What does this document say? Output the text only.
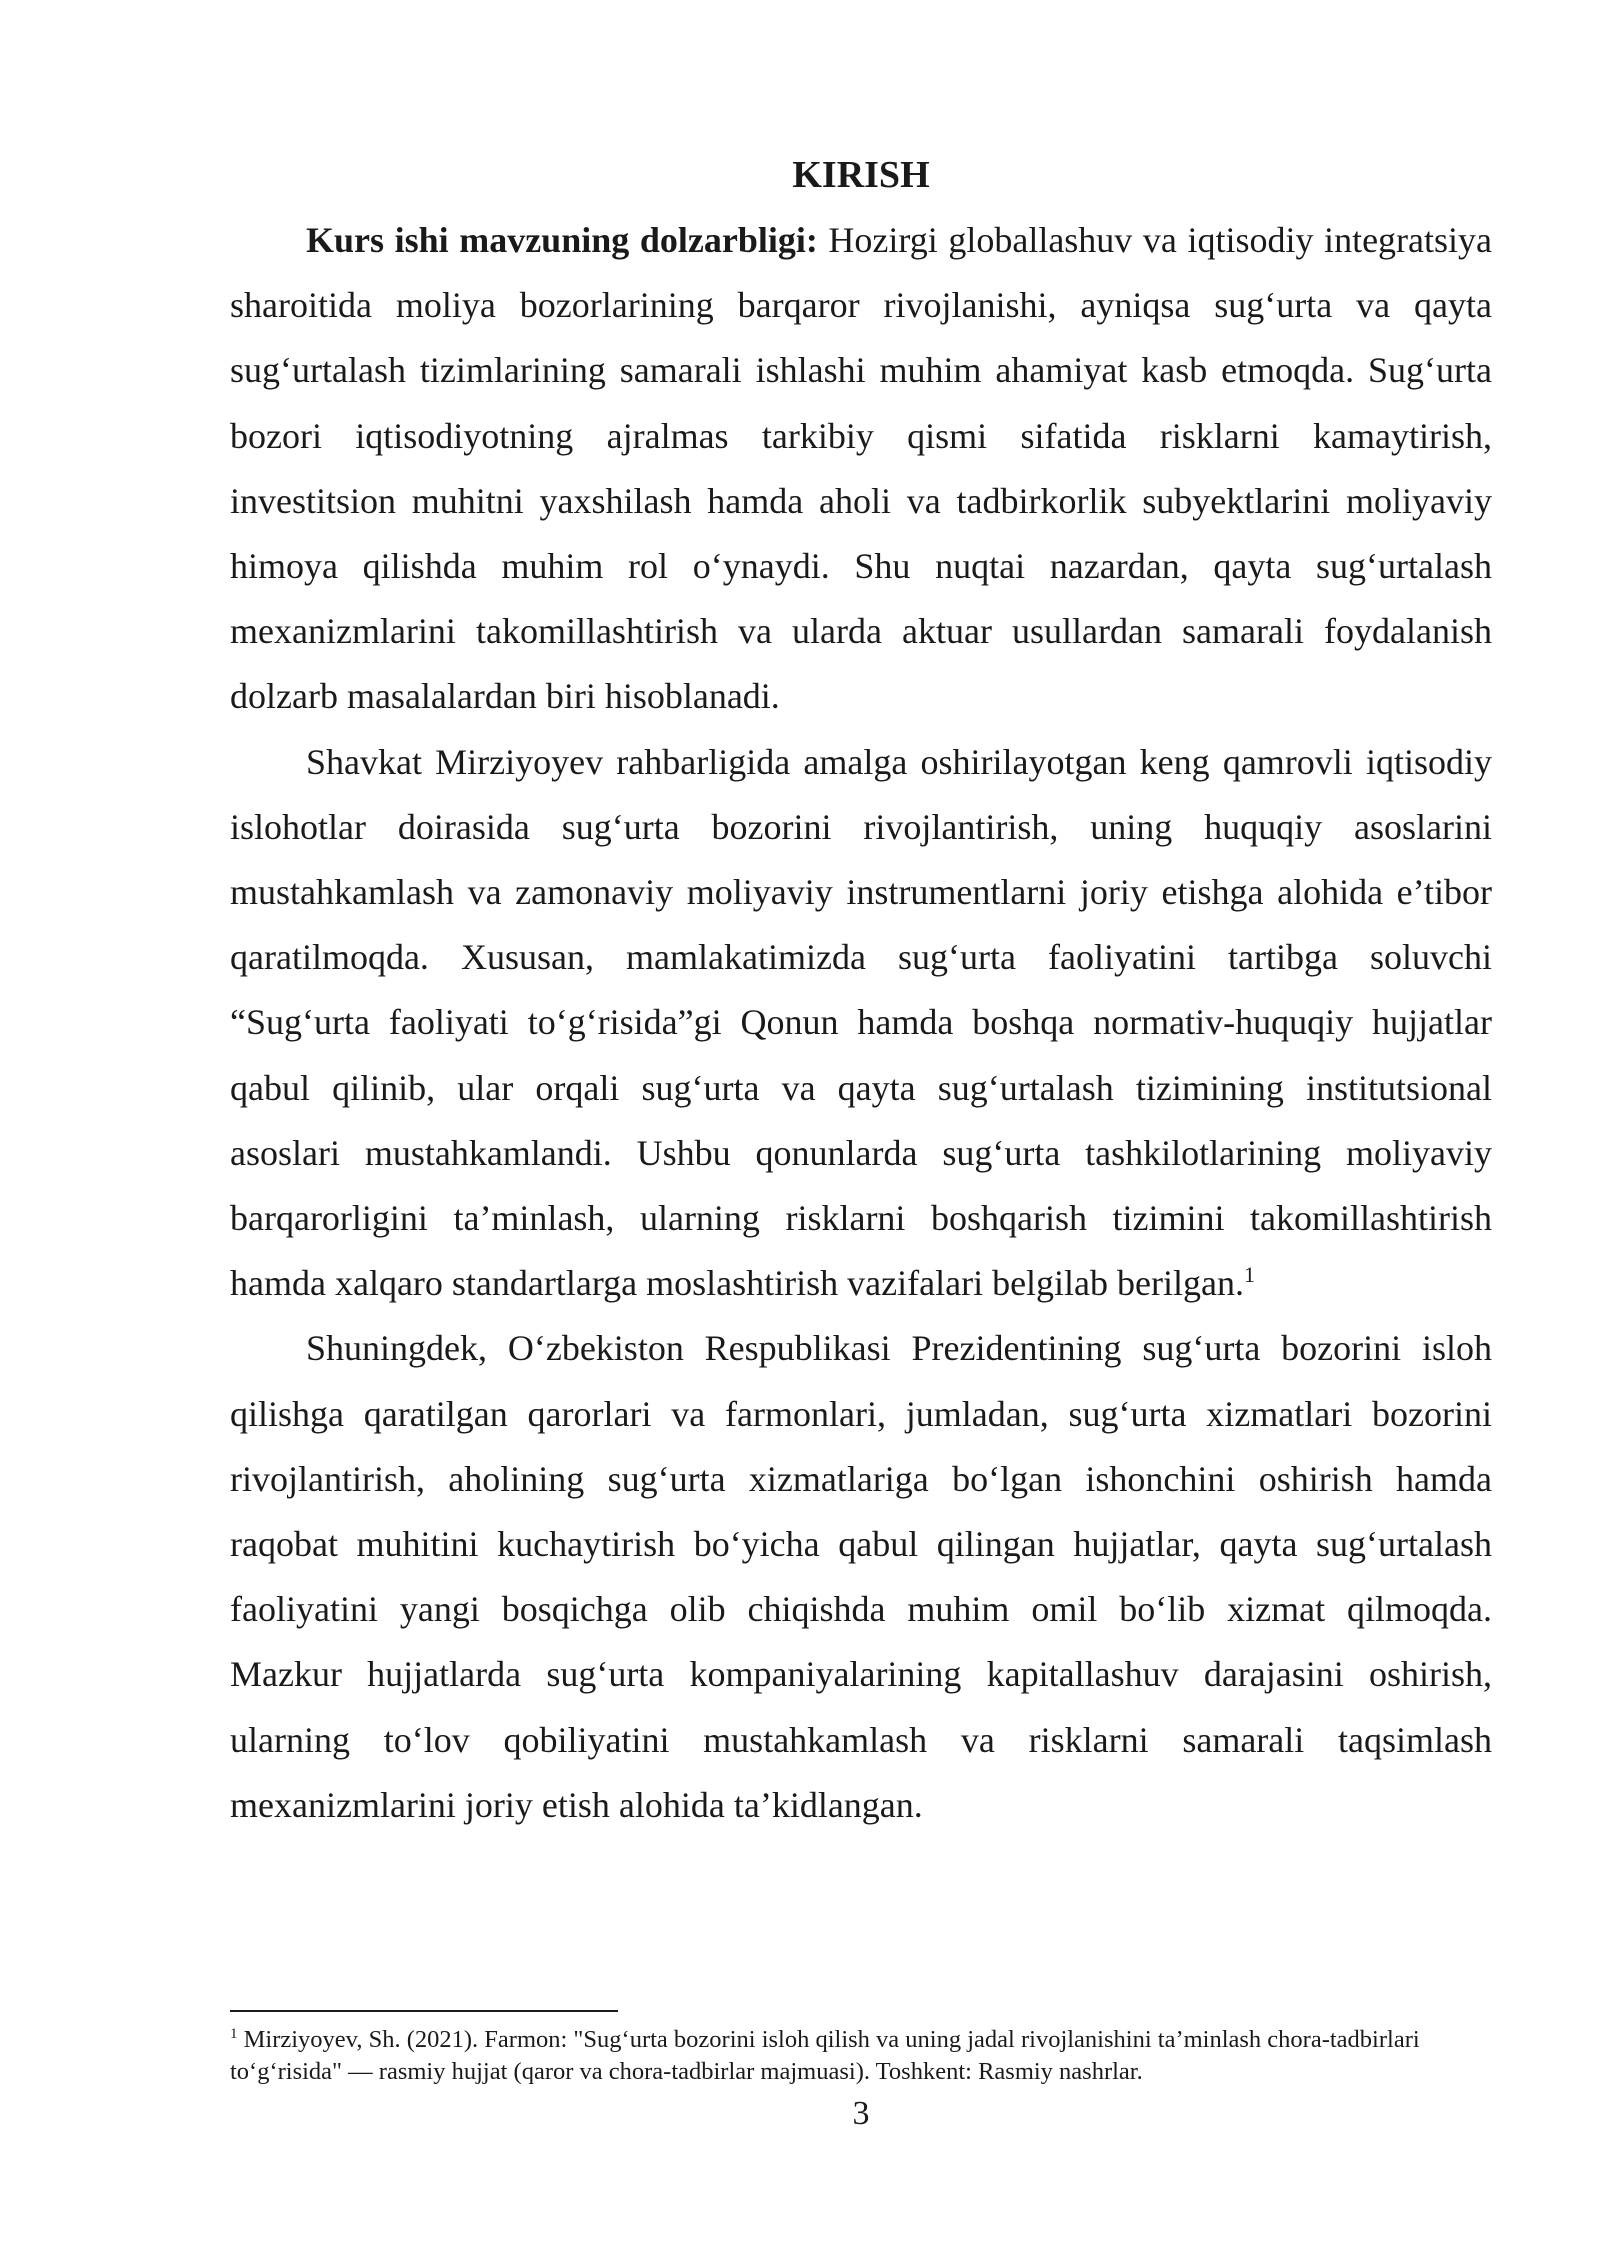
KIRISH

Kurs ishi mavzuning dolzarbligi: Hozirgi globallashuv va iqtisodiy integratsiya sharoitida moliya bozorlarining barqaror rivojlanishi, ayniqsa sug‘urta va qayta sug‘urtalash tizimlarining samarali ishlashi muhim ahamiyat kasb etmoqda. Sug‘urta bozori iqtisodiyotning ajralmas tarkibiy qismi sifatida risklarni kamaytirish, investitsion muhitni yaxshilash hamda aholi va tadbirkorlik subyektlarini moliyaviy himoya qilishda muhim rol o‘ynaydi. Shu nuqtai nazardan, qayta sug‘urtalash mexanizmlarini takomillashtirish va ularda aktuar usullardan samarali foydalanish dolzarb masalalardan biri hisoblanadi.

Shavkat Mirziyoyev rahbarligida amalga oshirilayotgan keng qamrovli iqtisodiy islohotlar doirasida sug‘urta bozorini rivojlantirish, uning huquqiy asoslarini mustahkamlash va zamonaviy moliyaviy instrumentlarni joriy etishga alohida e’tibor qaratilmoqda. Xususan, mamlakatimizda sug‘urta faoliyatini tartibga soluvchi “Sug‘urta faoliyati to‘g‘risida”gi Qonun hamda boshqa normativ-huquqiy hujjatlar qabul qilinib, ular orqali sug‘urta va qayta sug‘urtalash tizimining institutsional asoslari mustahkamlandi. Ushbu qonunlarda sug‘urta tashkilotlarining moliyaviy barqarorligini ta’minlash, ularning risklarni boshqarish tizimini takomillashtirish hamda xalqaro standartlarga moslashtirish vazifalari belgilab berilgan.$^1$

Shuningdek, O‘zbekiston Respublikasi Prezidentining sug‘urta bozorini isloh qilishga qaratilgan qarorlari va farmonlari, jumladan, sug‘urta xizmatlari bozorini rivojlantirish, aholining sug‘urta xizmatlariga bo‘lgan ishonchini oshirish hamda raqobat muhitini kuchaytirish bo‘yicha qabul qilingan hujjatlar, qayta sug‘urtalash faoliyatini yangi bosqichga olib chiqishda muhim omil bo‘lib xizmat qilmoqda. Mazkur hujjatlarda sug‘urta kompaniyalarining kapitallashuv darajasini oshirish, ularning to‘lov qobiliyatini mustahkamlash va risklarni samarali taqsimlash mexanizmlarini joriy etish alohida ta’kidlangan.

$^1$ Mirziyoyev, Sh. (2021). Farmon: "Sug‘urta bozorini isloh qilish va uning jadal rivojlanishini ta’minlash chora-tadbirlari to‘g‘risida" — rasmiy hujjat (qaror va chora-tadbirlar majmuasi). Toshkent: Rasmiy nashrlar.

3
